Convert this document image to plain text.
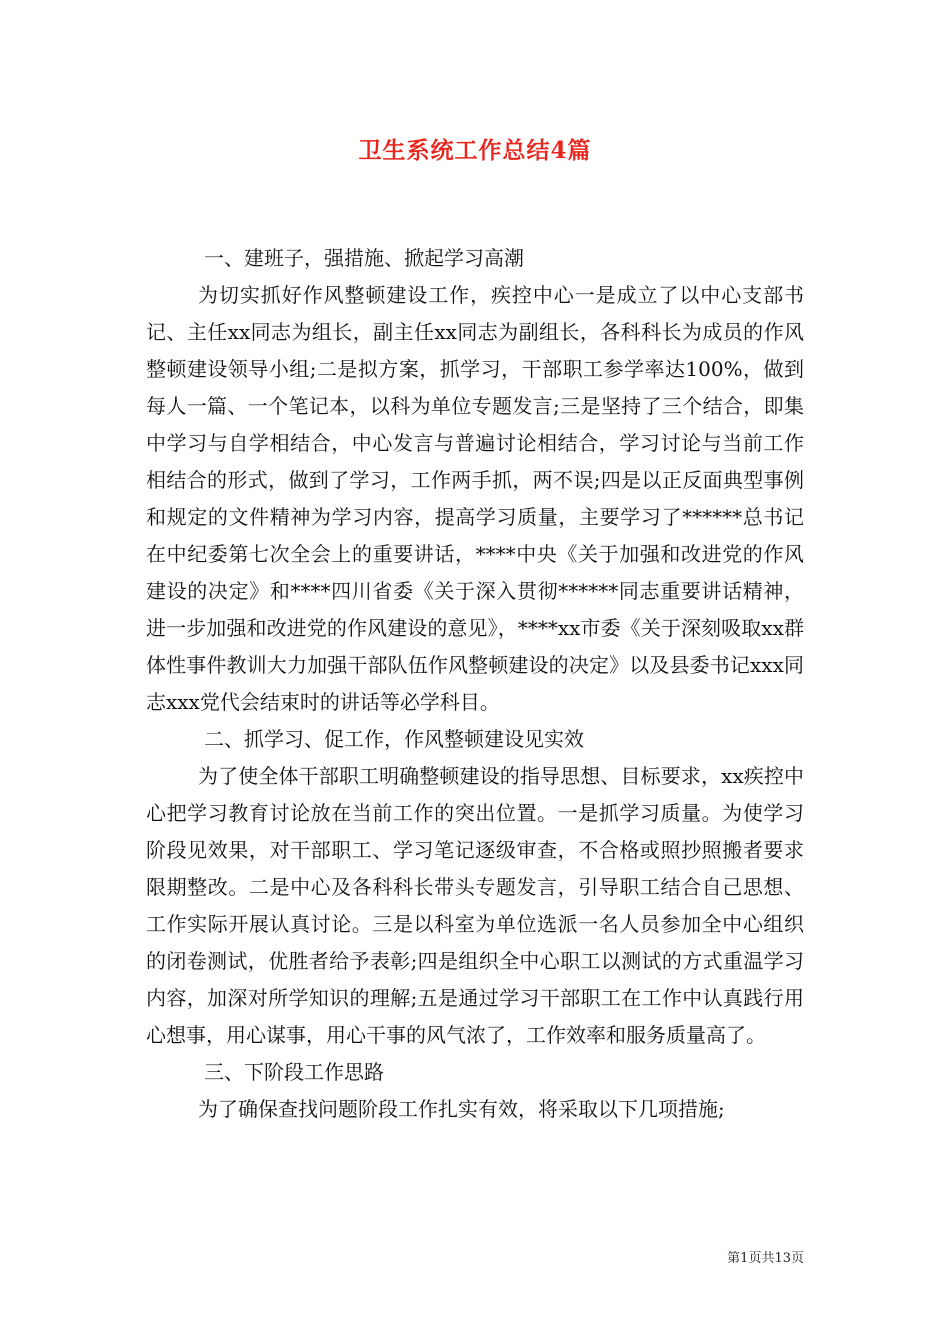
卫生系统工作总结4篇

一、建班子，强措施、掀起学习高潮

为切实抓好作风整顿建设工作，疾控中心一是成立了以中心支部书记、主任xx同志为组长，副主任xx同志为副组长，各科科长为成员的作风整顿建设领导小组;二是拟方案，抓学习，干部职工参学率达100%，做到每人一篇、一个笔记本，以科为单位专题发言;三是坚持了三个结合，即集中学习与自学相结合，中心发言与普遍讨论相结合，学习讨论与当前工作相结合的形式，做到了学习，工作两手抓，两不误;四是以正反面典型事例和规定的文件精神为学习内容，提高学习质量，主要学习了******总书记在中纪委第七次全会上的重要讲话，****中央《关于加强和改进党的作风建设的决定》和****四川省委《关于深入贯彻******同志重要讲话精神，进一步加强和改进党的作风建设的意见》，****xx市委《关于深刻吸取xx群体性事件教训大力加强干部队伍作风整顿建设的决定》以及县委书记xxx同志xxx党代会结束时的讲话等必学科目。

二、抓学习、促工作，作风整顿建设见实效

为了使全体干部职工明确整顿建设的指导思想、目标要求，xx疾控中心把学习教育讨论放在当前工作的突出位置。一是抓学习质量。为使学习阶段见效果，对干部职工、学习笔记逐级审查，不合格或照抄照搬者要求限期整改。二是中心及各科科长带头专题发言，引导职工结合自己思想、工作实际开展认真讨论。三是以科室为单位选派一名人员参加全中心组织的闭卷测试，优胜者给予表彰;四是组织全中心职工以测试的方式重温学习内容，加深对所学知识的理解;五是通过学习干部职工在工作中认真践行用心想事，用心谋事，用心干事的风气浓了，工作效率和服务质量高了。

三、下阶段工作思路

为了确保查找问题阶段工作扎实有效，将采取以下几项措施;

第1页共13页
